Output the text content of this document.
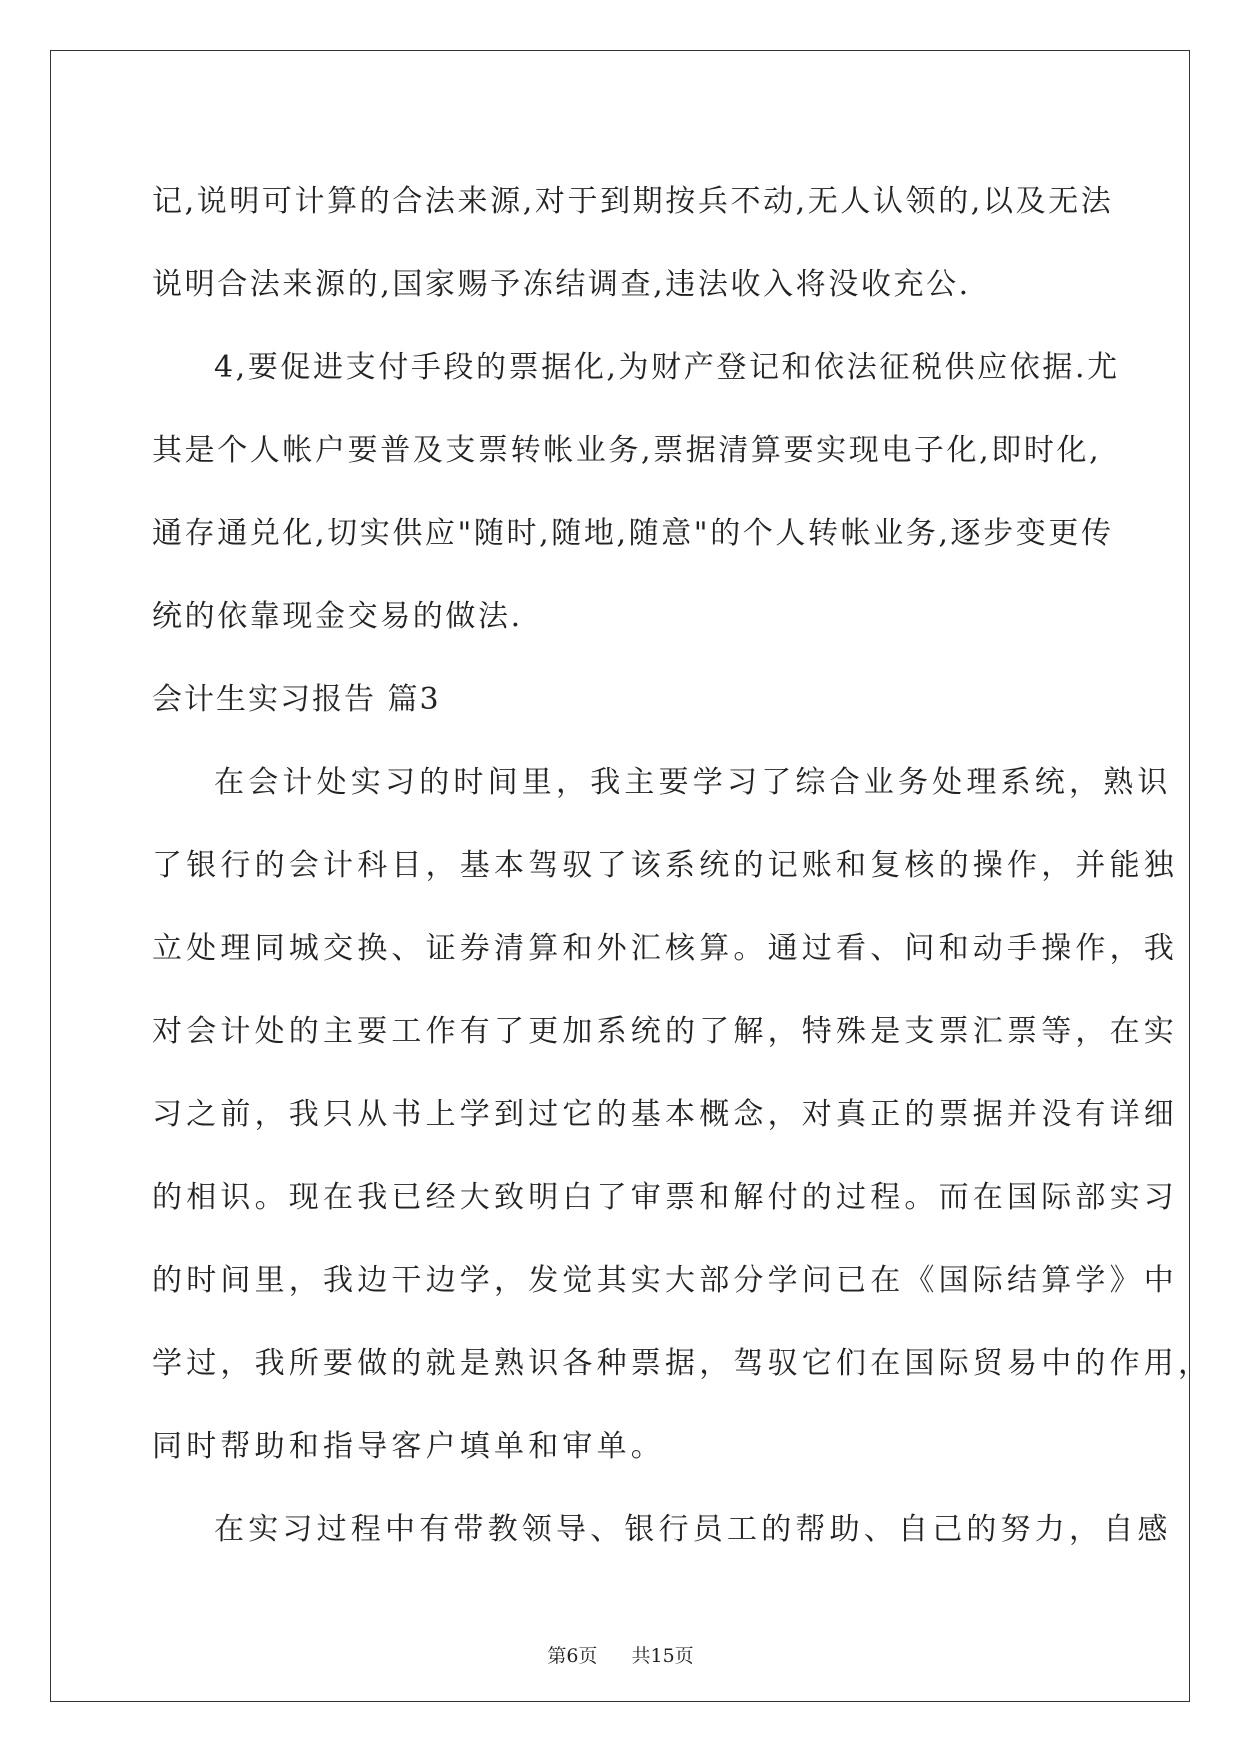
记,说明可计算的合法来源,对于到期按兵不动,无人认领的,以及无法
说明合法来源的,国家赐予冻结调查,违法收入将没收充公.
4,要促进支付手段的票据化,为财产登记和依法征税供应依据.尤
其是个人帐户要普及支票转帐业务,票据清算要实现电子化,即时化,
通存通兑化,切实供应"随时,随地,随意"的个人转帐业务,逐步变更传
统的依靠现金交易的做法.
会计生实习报告 篇3
在会计处实习的时间里，我主要学习了综合业务处理系统，熟识
了银行的会计科目，基本驾驭了该系统的记账和复核的操作，并能独
立处理同城交换、证券清算和外汇核算。通过看、问和动手操作，我
对会计处的主要工作有了更加系统的了解，特殊是支票汇票等，在实
习之前，我只从书上学到过它的基本概念，对真正的票据并没有详细
的相识。现在我已经大致明白了审票和解付的过程。而在国际部实习
的时间里，我边干边学，发觉其实大部分学问已在《国际结算学》中
学过，我所要做的就是熟识各种票据，驾驭它们在国际贸易中的作用，
同时帮助和指导客户填单和审单。
在实习过程中有带教领导、银行员工的帮助、自己的努力，自感
第6页 共15页
